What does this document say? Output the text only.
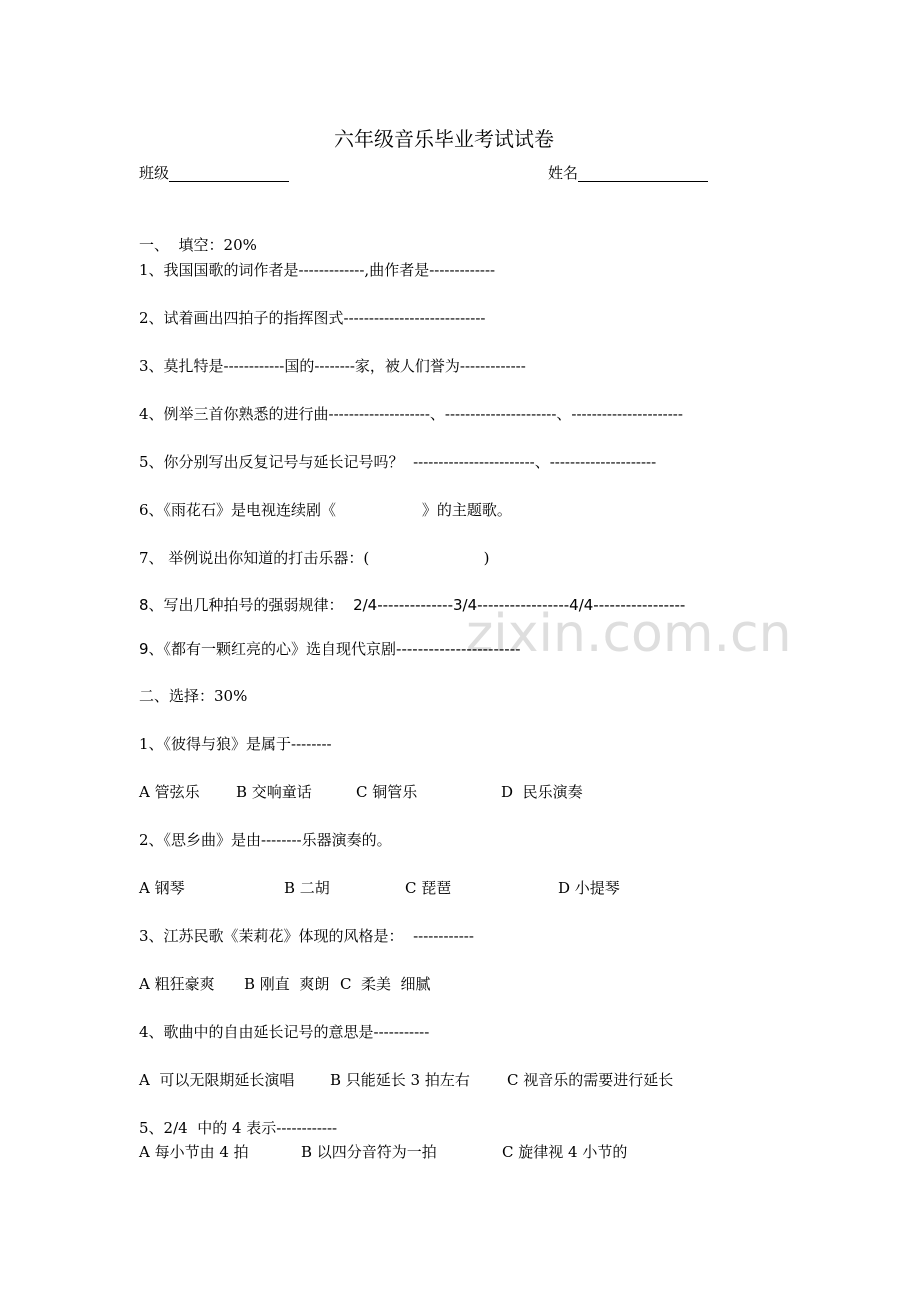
zixin.com.cn
六年级音乐毕业考试试卷
班级	姓名
一、  填空：20%
1、我国国歌的词作者是-------------,曲作者是-------------
2、试着画出四拍子的指挥图式----------------------------
3、莫扎特是------------国的--------家，被人们誉为-------------
4、例举三首你熟悉的进行曲--------------------、----------------------、----------------------
5、你分别写出反复记号与延长记号吗？  ------------------------、---------------------
6、《雨花石》是电视连续剧《                  》的主题歌。
7、 举例说出你知道的打击乐器：(                        )
8、写出几种拍号的强弱规律：  2/4--------------3/4-----------------4/4-----------------
9、《都有一颗红亮的心》选自现代京剧-----------------------
二、选择：30%
1、《彼得与狼》是属于--------
A 管弦乐 B 交响童话	C 铜管乐	D  民乐演奏
2、《思乡曲》是由--------乐器演奏的。
A 钢琴	B 二胡	C 琵琶	D 小提琴
3、江苏民歌《茉莉花》体现的风格是：  ------------
A 粗狂豪爽 B 刚直  爽朗 C  柔美  细腻
4、歌曲中的自由延长记号的意思是-----------
A  可以无限期延长演唱 B 只能延长 3 拍左右 C 视音乐的需要进行延长
5、2/4  中的 4 表示------------
A 每小节由 4 拍	B 以四分音符为一拍	C 旋律视 4 小节的
